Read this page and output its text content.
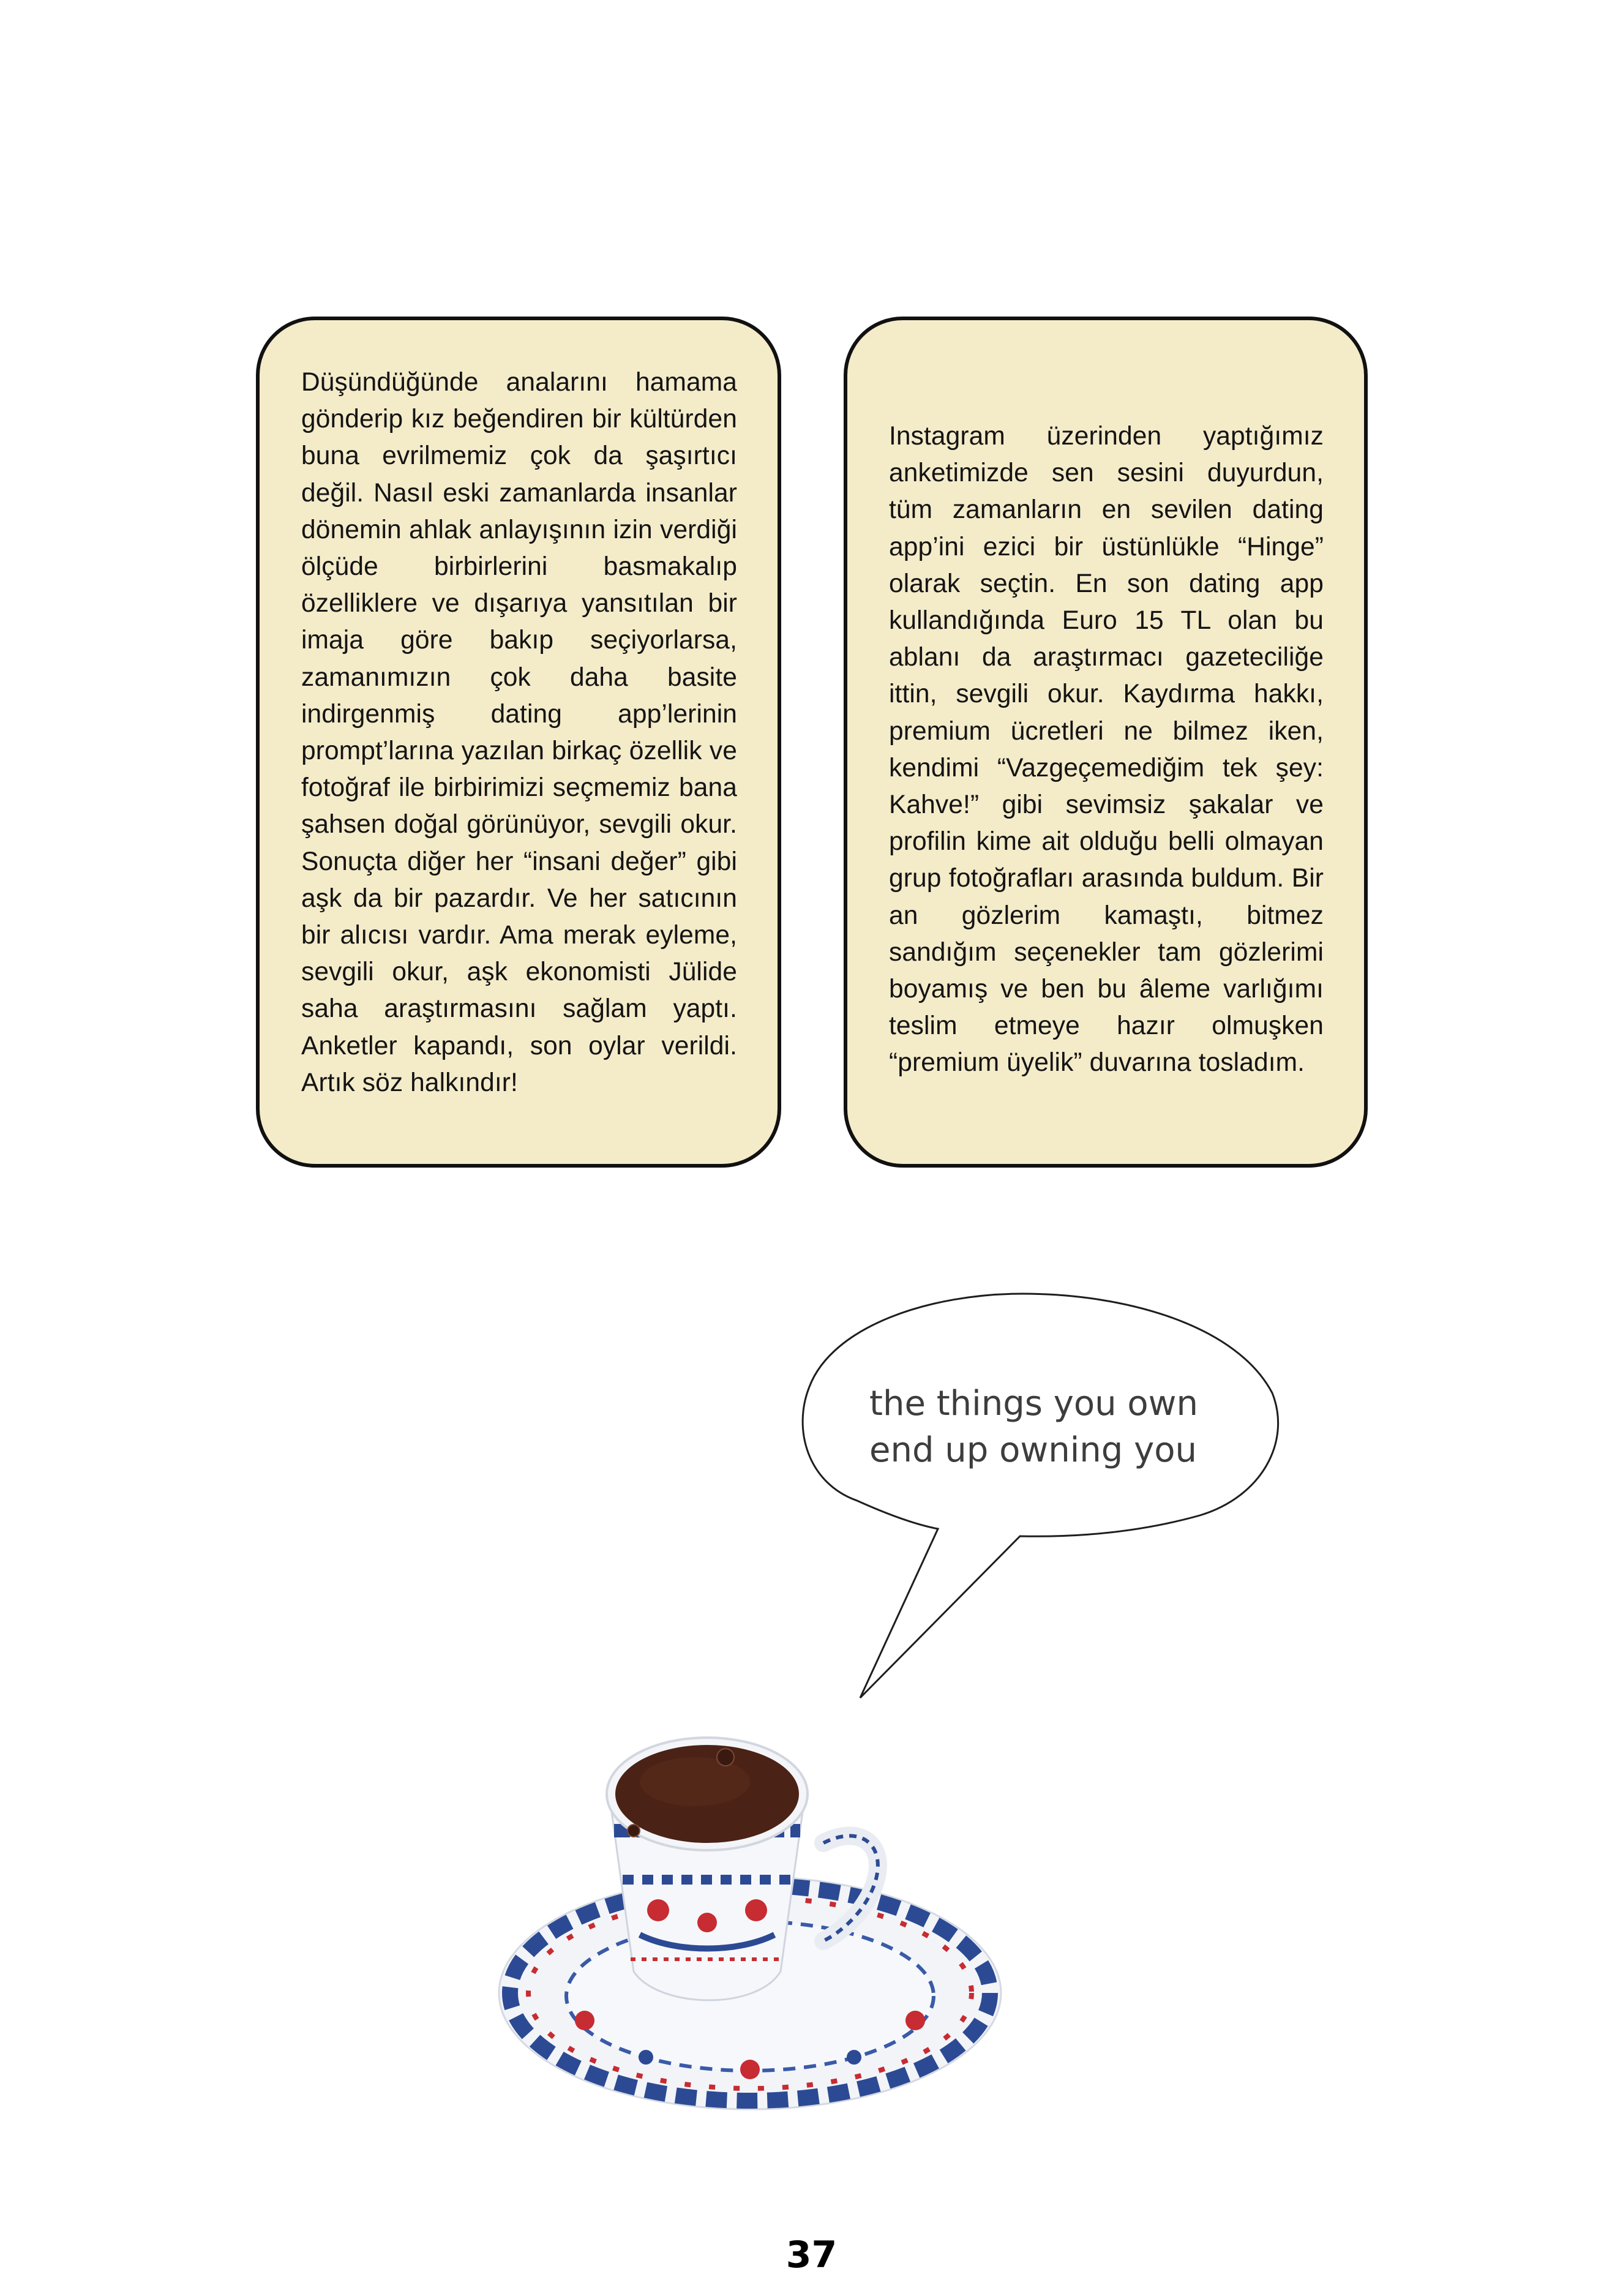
Düşündüğünde analarını hamama gönderip kız beğendiren bir kültürden buna evrilmemiz çok da şaşırtıcı değil. Nasıl eski zamanlarda insanlar dönemin ahlak anlayışının izin verdiği ölçüde birbirlerini basmakalıp özelliklere ve dışarıya yansıtılan bir imaja göre bakıp seçiyorlarsa, zamanımızın çok daha basite indirgenmiş dating app’lerinin prompt’larına yazılan birkaç özellik ve fotoğraf ile birbirimizi seçmemiz bana şahsen doğal görünüyor, sevgili okur. Sonuçta diğer her “insani değer” gibi aşk da bir pazardır. Ve her satıcının bir alıcısı vardır. Ama merak eyleme, sevgili okur, aşk ekonomisti Jülide saha araştırmasını sağlam yaptı. Anketler kapandı, son oylar verildi. Artık söz halkındır!

Instagram üzerinden yaptığımız anketimizde sen sesini duyurdun, tüm zamanların en sevilen dating app’ini ezici bir üstünlükle “Hinge” olarak seçtin. En son dating app kullandığında Euro 15 TL olan bu ablanı da araştırmacı gazeteciliğe ittin, sevgili okur. Kaydırma hakkı, premium ücretleri ne bilmez iken, kendimi “Vazgeçemediğim tek şey: Kahve!” gibi sevimsiz şakalar ve profilin kime ait olduğu belli olmayan grup fotoğrafları arasında buldum. Bir an gözlerim kamaştı, bitmez sandığım seçenekler tam gözlerimi boyamış ve ben bu âleme varlığımı teslim etmeye hazır olmuşken “premium üyelik” duvarına tosladım.

the things you own
end up owning you
37
